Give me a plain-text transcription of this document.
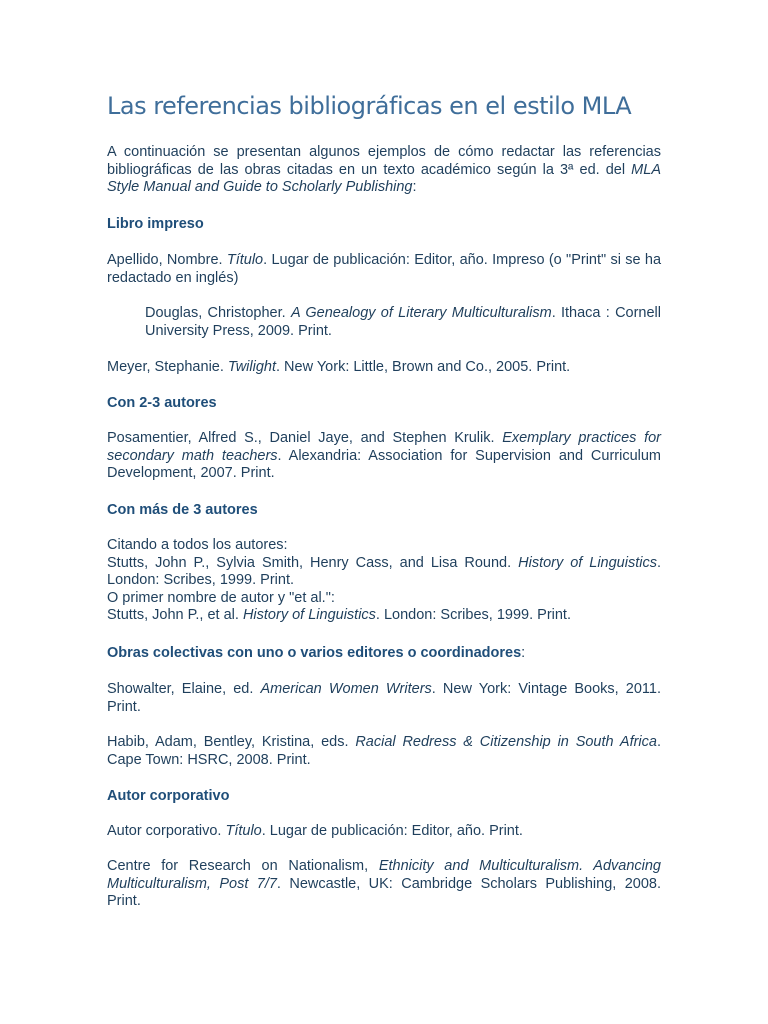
Las referencias bibliográficas en el estilo MLA

A continuación se presentan algunos ejemplos de cómo redactar las referencias bibliográficas de las obras citadas en un texto académico según la 3ª ed. del MLA Style Manual and Guide to Scholarly Publishing:

Libro impreso

Apellido, Nombre. Título. Lugar de publicación: Editor, año. Impreso (o "Print" si se ha redactado en inglés)

Douglas, Christopher. A Genealogy of Literary Multiculturalism. Ithaca : Cornell University Press, 2009. Print.

Meyer, Stephanie. Twilight. New York: Little, Brown and Co., 2005. Print.

Con 2-3 autores

Posamentier, Alfred S., Daniel Jaye, and Stephen Krulik. Exemplary practices for secondary math teachers. Alexandria: Association for Supervision and Curriculum Development, 2007. Print.

Con más de 3 autores

Citando a todos los autores:
Stutts, John P., Sylvia Smith, Henry Cass, and Lisa Round. History of Linguistics.
London: Scribes, 1999. Print.
O primer nombre de autor y "et al.":
Stutts, John P., et al. History of Linguistics. London: Scribes, 1999. Print.

Obras colectivas con uno o varios editores o coordinadores:

Showalter, Elaine, ed. American Women Writers. New York: Vintage Books, 2011. Print.

Habib, Adam, Bentley, Kristina, eds. Racial Redress & Citizenship in South Africa. Cape Town: HSRC, 2008. Print.

Autor corporativo

Autor corporativo. Título. Lugar de publicación: Editor, año. Print.

Centre for Research on Nationalism, Ethnicity and Multiculturalism. Advancing Multiculturalism, Post 7/7. Newcastle, UK: Cambridge Scholars Publishing, 2008. Print.
